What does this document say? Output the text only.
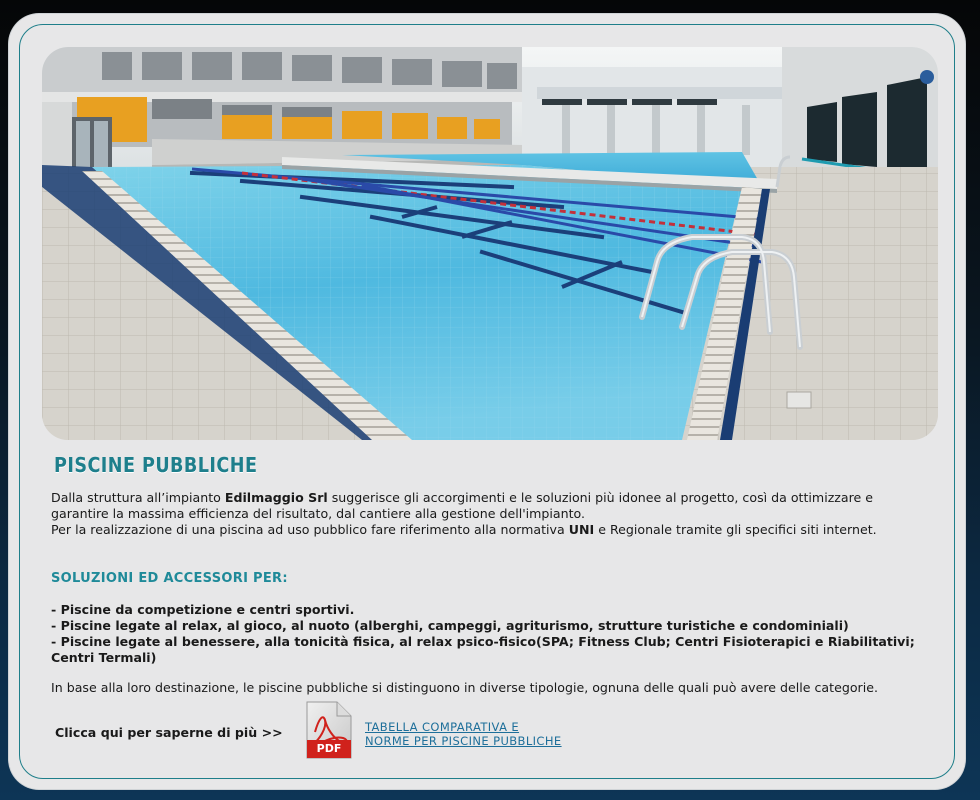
PISCINE PUBBLICHE

Dalla struttura all’impianto Edilmaggio Srl suggerisce gli accorgimenti e le soluzioni più idonee al progetto, così da ottimizzare e garantire la massima efficienza del risultato, dal cantiere alla gestione dell'impianto.

Per la realizzazione di una piscina ad uso pubblico fare riferimento alla normativa UNI e Regionale tramite gli specifici siti internet.

SOLUZIONI ED ACCESSORI PER:
- Piscine da competizione e centri sportivi.
- Piscine legate al relax, al gioco, al nuoto (alberghi, campeggi, agriturismo, strutture turistiche e condominiali)
- Piscine legate al benessere, alla tonicità fisica, al relax psico-fisico(SPA; Fitness Club; Centri Fisioterapici e Riabilitativi; Centri Termali)
In base alla loro destinazione, le piscine pubbliche si distinguono in diverse tipologie, ognuna delle quali può avere delle categorie.
Clicca qui per saperne di più >>
PDF
TABELLA COMPARATIVA E
NORME PER PISCINE PUBBLICHE
